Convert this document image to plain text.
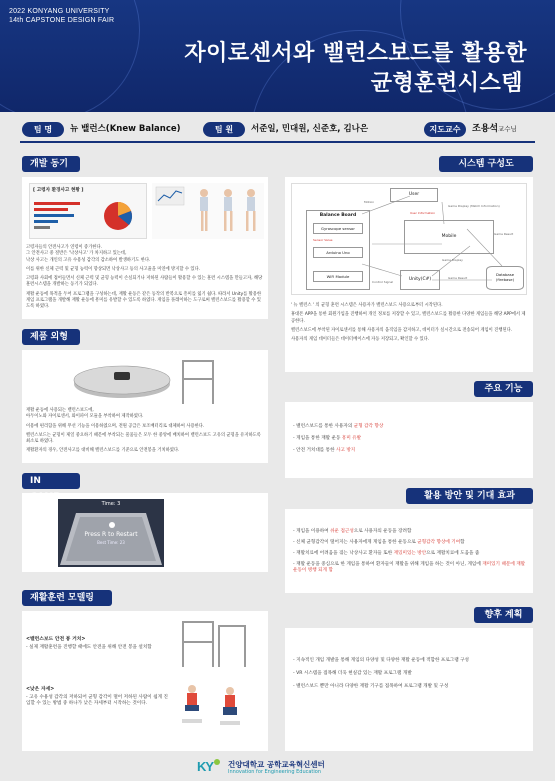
2022 KONYANG UNIVERSITY
14th CAPSTONE DESIGN FAIR
자이로센서와 밸런스보드를 활용한
균형훈련시스템
팀 명	뉴 밸런스(Knew Balance)	팀 원	서준일, 민대원, 신준호, 김나은	지도교수	조용석 교수님
개발 동기
[ 고령자 환경사고 현황 ]
고령자들의 안전사고가 연령이 증가한다.
그 안전사고 중 절반은 '낙상사고' 가 차지하고 있는데,

낙상 사고는 개인의 고유 수용성 감각의 감소하여 발생하기도 한다.

이를 위한 신체 근력 및 균형 능력이 향상되면 낙상사고 등의 사고율을 미연에 방지할 수 있다.

고령화 사회에 접어들면서 신체 근력 및 균형 능력이 손실되거나 저하된 사람들이 활용할 수 있는 훈련 시스템을 만들고자, 해당 훈련시스템을 개발하는 동기가 되었다.

재활 운동에 목적을 두어 프로그램을 구성하는데, 재활 운동은 같은 동작의 반복으로 흥미를 잃기 쉽다. 따라서 Unity를 활용한 게임 프로그램을 개발해 재활 운동에 흥미를 유발할 수 있도록 하였다. 게임을 플레이하는 도구로써 밸런스보드를 활용할 수 있도록 하였다.

제품 외형
재활 운동에 사용되는 밸런스보드에,

아두이노와 자이로센서, 와이파이 모듈을 부착하여 제작하였다.

이용에 편리함을 위해 무선 기능을 이용하였으며, 전원 공급은 보조배터리로 대체하여 사용한다.

밸런스보드는 균형이 제일 중요하기 때문에 부착되는 물품들은 모두 한 중앙에 배치하여 밸런스보드 고유의 균형을 유지하도록 최소로 하였다.

재활환자의 경우, 안전사고를 대비해 밸런스보드를 기준으로 안전봉을 거치하였다.

IN
Time: 3
Press R to Restart
Best Time: 23
재활훈련 모델링
<밸런스보드 안전 봉 거치>
- 실제 재활훈련을 진행할 때에도 안전을 위해 안전 봉을 설치함
<낮은 자세>
- 고유 수용성 감각의 저하되어 균형 감각이 떨어 저하된 사람이 쉽게 진입할 수 있는 방법 중 하나가 낮은 자세부터 시작하는 것이다.
시스템 구성도
User
Mobile
Balance Board
Gyroscope sensor
Arduino Uno
WiFi Module
Sensor Value
Unity(C#)
Database (firebase)
Game Display (Match Information)
Motion
User Information
Game Result
Game Display
Game Result
Control Signal

' 뉴 밸런스 ' 의 균형 훈련 시스템은 사용자가 밸런스보드 사용으로부터 시작된다.

휴대폰 APP을 통한 회원가입을 진행하여 개인 정보를 저장할 수 있고, 밸런스보드를 활용한 다양한 게임들을 해당 APP에서 제공한다.

밸런스보드에 부착된 자이로센서를 통해 사용자의 움직임을 감지하고, 데이터가 실시간으로 전송되어 게임이 진행된다.

사용자의 게임 데이터들은 데이터베이스에 자동 저장되고, 확인할 수 있다.

주요 기능
- 밸런스보드를 통한 사용자의 균형 감각 향상
- 게임을 통한 재활 운동 흥미 유발
- 안전 거치대를 통한 사고 방지
활용 방안 및 기대 효과
- 게임을 이용하여 쉬운 접근성으로 사용자의 운동을 장려함
- 신체 균형감각이 떨어지는 사용자에게 게임을 통한 운동으로 균형감각 향상에 기여함
- 재활치료에 어려움을 겪는 낙상사고 환자들 또한 재밌미있는 방안으로 재활치료에 도움을 줌
- 재활 운동을 중심으로 한 게임을 통하여 환자들이 재활을 위해 게임을 하는 것이 아닌, 게임에 재미있기 때문에 재활 운동이 병행 되게 함
향후 계획
- 지속적인 개임 개발을 통해 게임의 다양성 및 다양한 재활 운동에 적합한 프로그램 구성
- VR 시스템을 접목해 더욱 현실감 있는 재활 프로그램 개발
- 밸런스보드 뿐만 아니라 다양한 재활 기구를 접목하여 프로그램 개발 및 구성
KY	건양대학교 공학교육혁신센터
Innovation for Engineering Education
